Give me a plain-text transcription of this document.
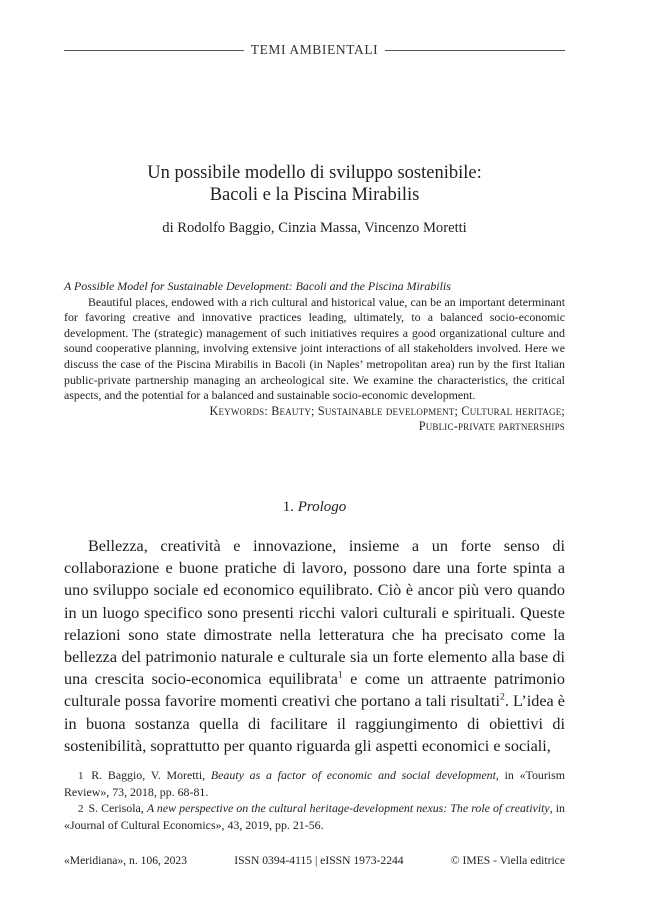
TEMI AMBIENTALI
Un possibile modello di sviluppo sostenibile:
Bacoli e la Piscina Mirabilis
di Rodolfo Baggio, Cinzia Massa, Vincenzo Moretti

A Possible Model for Sustainable Development: Bacoli and the Piscina Mirabilis

Beautiful places, endowed with a rich cultural and historical value, can be an important determinant for favoring creative and innovative practices leading, ultimately, to a balanced socio-economic development. The (strategic) management of such initiatives requires a good organizational culture and sound cooperative planning, involving extensive joint interactions of all stakeholders involved. Here we discuss the case of the Piscina Mirabilis in Bacoli (in Naples’ metropolitan area) run by the first Italian public-private partnership managing an archeological site. We examine the characteristics, the critical aspects, and the potential for a balanced and sustainable socio-economic development.

Keywords: Beauty; Sustainable development; Cultural heritage;

Public-private partnerships

1. Prologo

Bellezza, creatività e innovazione, insieme a un forte senso di collaborazione e buone pratiche di lavoro, possono dare una forte spinta a uno sviluppo sociale ed economico equilibrato. Ciò è ancor più vero quando in un luogo specifico sono presenti ricchi valori culturali e spirituali. Queste relazioni sono state dimostrate nella letteratura che ha precisato come la bellezza del patrimonio naturale e culturale sia un forte elemento alla base di una crescita socio-economica equilibrata$^1$ e come un attraente patrimonio culturale possa favorire momenti creativi che portano a tali risultati$^2$. L’idea è in buona sostanza quella di facilitare il raggiungimento di obiettivi di sostenibilità, soprattutto per quanto riguarda gli aspetti economici e sociali,

1 R. Baggio, V. Moretti, Beauty as a factor of economic and social development, in «Tourism Review», 73, 2018, pp. 68-81.

2 S. Cerisola, A new perspective on the cultural heritage-development nexus: The role of creativity, in «Journal of Cultural Economics», 43, 2019, pp. 21-56.

«Meridiana», n. 106, 2023	ISSN 0394-4115 | eISSN 1973-2244	© IMES - Viella editrice
